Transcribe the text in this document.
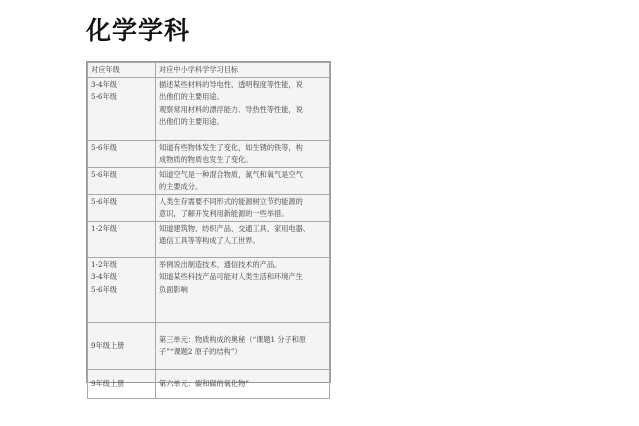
化学学科
对应年级	对应中小学科学学习目标

3-4年级
5-6年级	描述某些材料的导电性、透明程度等性能，说
出他们的主要用途。
观察常用材料的漂浮能力、导热性等性能，说
出他们的主要用途。

5-6年级	知道有些物体发生了变化，如生锈的铁等，构
成物质的物质也发生了变化。

5-6年级	知道空气是一种混合物质，氮气和氧气是空气
的主要成分。

5-6年级	人类生存需要不同形式的能源树立节约能源的
意识，了解开发利用新能源的一些举措。

1-2年级	知道建筑物、纺织产品、交通工具、家用电器、
通信工具等等构成了人工世界。

1-2年级
3-4年级
5-6年级	举例说出制造技术、通信技术的产品。
知道某些科技产品可能对人类生活和环境产生
负面影响

9年级上册	第三单元：物质构成的奥秘（“课题1 分子和原
子”“课题2 原子的结构”）

9年级上册	第六单元：碳和碳的氧化物”
